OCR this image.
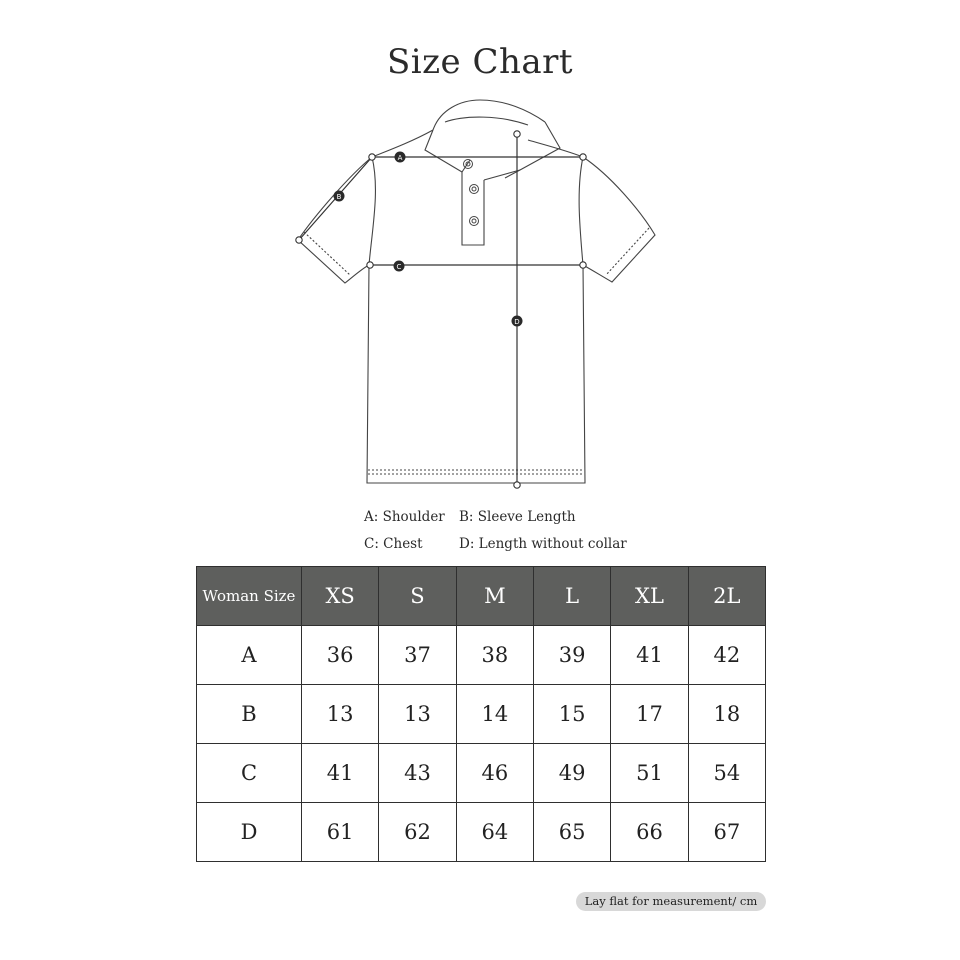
Size Chart
A
B
C
D
A: Shoulder	B: Sleeve Length
C: Chest	D: Length without collar
Woman Size	XS	S	M	L	XL	2L
A	36	37	38	39	41	42
B	13	13	14	15	17	18
C	41	43	46	49	51	54
D	61	62	64	65	66	67
Lay flat for measurement/ cm
